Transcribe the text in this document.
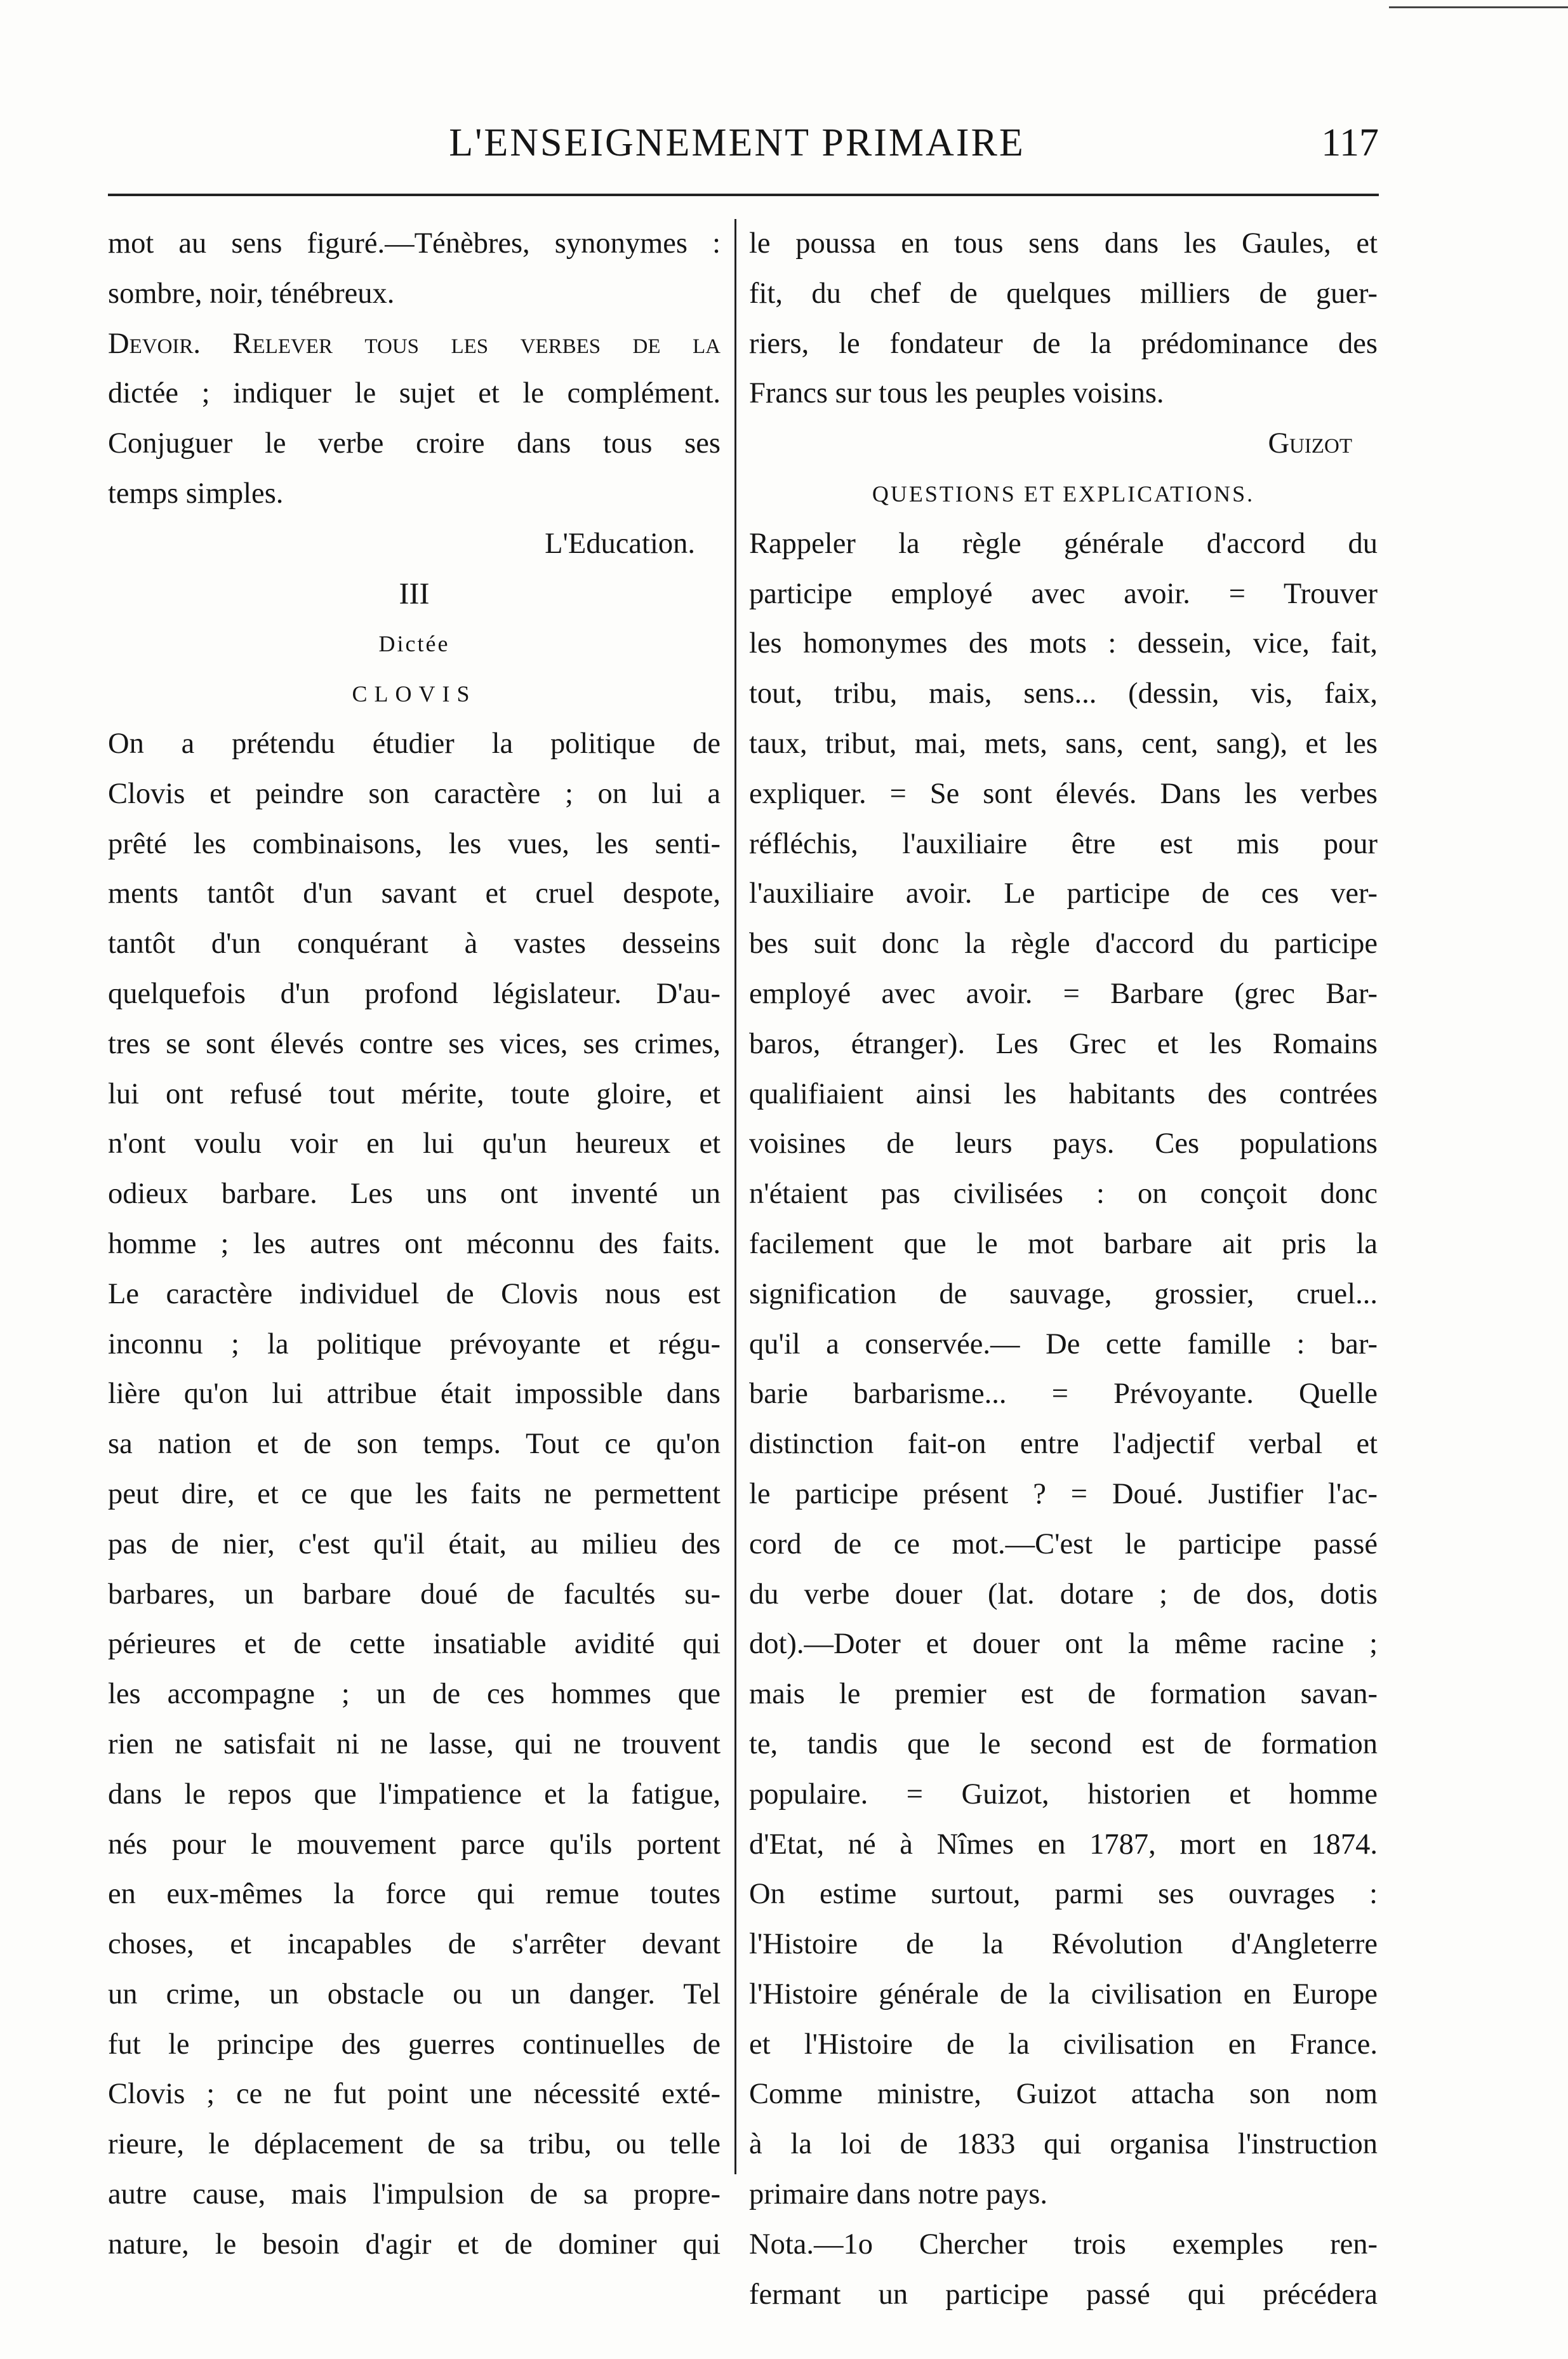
L'ENSEIGNEMENT PRIMAIRE	117
mot au sens figuré.—Ténèbres, synonymes :
sombre, noir, ténébreux.
Devoir. Relever tous les verbes de la
dictée ; indiquer le sujet et le complément.
Conjuguer le verbe croire dans tous ses
temps simples.
L'Education.
III
Dictée
CLOVIS
On a prétendu étudier la politique de
Clovis et peindre son caractère ; on lui a
prêté les combinaisons, les vues, les senti-
ments tantôt d'un savant et cruel despote,
tantôt d'un conquérant à vastes desseins
quelquefois d'un profond législateur. D'au-
tres se sont élevés contre ses vices, ses crimes,
lui ont refusé tout mérite, toute gloire, et
n'ont voulu voir en lui qu'un heureux et
odieux barbare. Les uns ont inventé un
homme ; les autres ont méconnu des faits.
Le caractère individuel de Clovis nous est
inconnu ; la politique prévoyante et régu-
lière qu'on lui attribue était impossible dans
sa nation et de son temps. Tout ce qu'on
peut dire, et ce que les faits ne permettent
pas de nier, c'est qu'il était, au milieu des
barbares, un barbare doué de facultés su-
périeures et de cette insatiable avidité qui
les accompagne ; un de ces hommes que
rien ne satisfait ni ne lasse, qui ne trouvent
dans le repos que l'impatience et la fatigue,
nés pour le mouvement parce qu'ils portent
en eux-mêmes la force qui remue toutes
choses, et incapables de s'arrêter devant
un crime, un obstacle ou un danger. Tel
fut le principe des guerres continuelles de
Clovis ; ce ne fut point une nécessité exté-
rieure, le déplacement de sa tribu, ou telle
autre cause, mais l'impulsion de sa propre-
nature, le besoin d'agir et de dominer qui
le poussa en tous sens dans les Gaules, et
fit, du chef de quelques milliers de guer-
riers, le fondateur de la prédominance des
Francs sur tous les peuples voisins.
Guizot
QUESTIONS ET EXPLICATIONS.
Rappeler la règle générale d'accord du
participe employé avec avoir. = Trouver
les homonymes des mots : dessein, vice, fait,
tout, tribu, mais, sens... (dessin, vis, faix,
taux, tribut, mai, mets, sans, cent, sang), et les
expliquer. = Se sont élevés. Dans les verbes
réfléchis, l'auxiliaire être est mis pour
l'auxiliaire avoir. Le participe de ces ver-
bes suit donc la règle d'accord du participe
employé avec avoir. = Barbare (grec Bar-
baros, étranger). Les Grec et les Romains
qualifiaient ainsi les habitants des contrées
voisines de leurs pays. Ces populations
n'étaient pas civilisées : on conçoit donc
facilement que le mot barbare ait pris la
signification de sauvage, grossier, cruel...
qu'il a conservée.— De cette famille : bar-
barie barbarisme... = Prévoyante. Quelle
distinction fait-on entre l'adjectif verbal et
le participe présent ? = Doué. Justifier l'ac-
cord de ce mot.—C'est le participe passé
du verbe douer (lat. dotare ; de dos, dotis
dot).—Doter et douer ont la même racine ;
mais le premier est de formation savan-
te, tandis que le second est de formation
populaire. = Guizot, historien et homme
d'Etat, né à Nîmes en 1787, mort en 1874.
On estime surtout, parmi ses ouvrages :
l'Histoire de la Révolution d'Angleterre
l'Histoire générale de la civilisation en Europe
et l'Histoire de la civilisation en France.
Comme ministre, Guizot attacha son nom
à la loi de 1833 qui organisa l'instruction
primaire dans notre pays.
Nota.—1o Chercher trois exemples ren-
fermant un participe passé qui précédera
